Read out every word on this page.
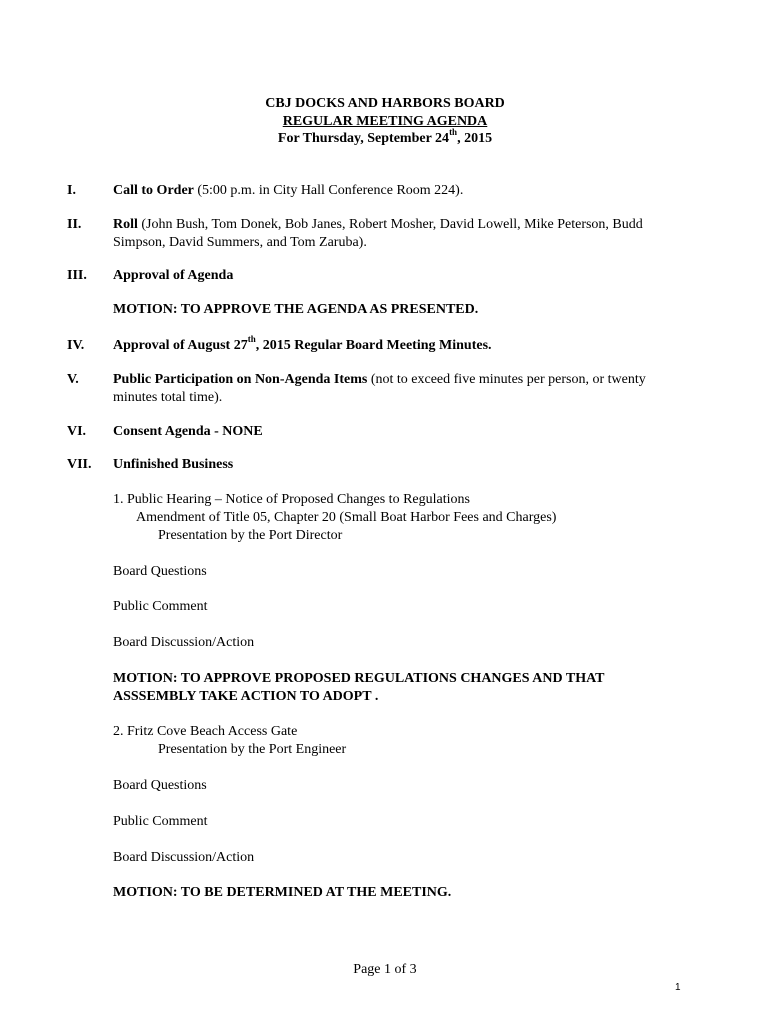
CBJ DOCKS AND HARBORS BOARD
REGULAR MEETING AGENDA
For Thursday, September 24th, 2015
I.	Call to Order (5:00 p.m. in City Hall Conference Room 224).
II. Roll (John Bush, Tom Donek, Bob Janes, Robert Mosher, David Lowell, Mike Peterson, Budd
Simpson, David Summers, and Tom Zaruba).
III. Approval of Agenda
MOTION: TO APPROVE THE AGENDA AS PRESENTED.
IV. Approval of August 27th, 2015 Regular Board Meeting Minutes.
V. Public Participation on Non-Agenda Items (not to exceed five minutes per person, or twenty
minutes total time).
VI. Consent Agenda - NONE
VII. Unfinished Business
1. Public Hearing – Notice of Proposed Changes to Regulations
Amendment of Title 05, Chapter 20 (Small Boat Harbor Fees and Charges)
Presentation by the Port Director
Board Questions
Public Comment
Board Discussion/Action
MOTION: TO APPROVE PROPOSED REGULATIONS CHANGES AND THAT
ASSSEMBLY TAKE ACTION TO ADOPT .
2. Fritz Cove Beach Access Gate
Presentation by the Port Engineer
Board Questions
Public Comment
Board Discussion/Action
MOTION: TO BE DETERMINED AT THE MEETING.
Page 1 of 3
1
